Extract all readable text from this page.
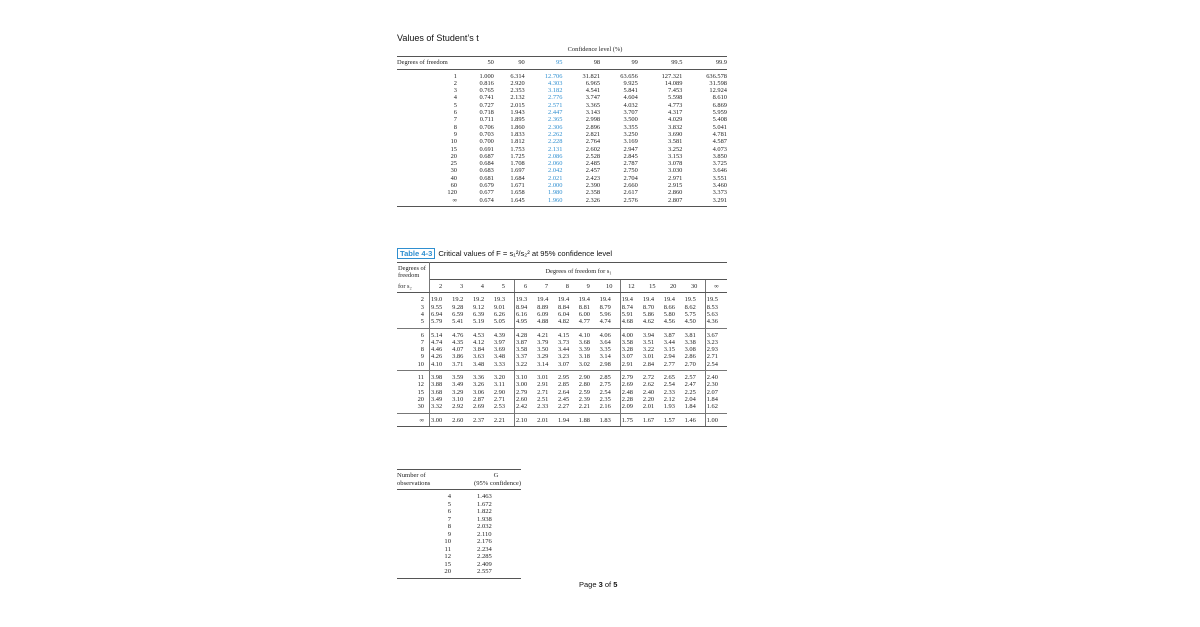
Values of Student’s t
	Confidence level (%)						
Degrees of freedom	50	90	95	98	99	99.5	99.9
1	1.000	6.314	12.706	31.821	63.656	127.321	636.578
2	0.816	2.920	4.303	6.965	9.925	14.089	31.598
3	0.765	2.353	3.182	4.541	5.841	7.453	12.924
4	0.741	2.132	2.776	3.747	4.604	5.598	8.610
5	0.727	2.015	2.571	3.365	4.032	4.773	6.869
6	0.718	1.943	2.447	3.143	3.707	4.317	5.959
7	0.711	1.895	2.365	2.998	3.500	4.029	5.408
8	0.706	1.860	2.306	2.896	3.355	3.832	5.041
9	0.703	1.833	2.262	2.821	3.250	3.690	4.781
10	0.700	1.812	2.228	2.764	3.169	3.581	4.587
15	0.691	1.753	2.131	2.602	2.947	3.252	4.073
20	0.687	1.725	2.086	2.528	2.845	3.153	3.850
25	0.684	1.708	2.060	2.485	2.787	3.078	3.725
30	0.683	1.697	2.042	2.457	2.750	3.030	3.646
40	0.681	1.684	2.021	2.423	2.704	2.971	3.551
60	0.679	1.671	2.000	2.390	2.660	2.915	3.460
120	0.677	1.658	1.980	2.358	2.617	2.860	3.373
∞	0.674	1.645	1.960	2.326	2.576	2.807	3.291
Table 4-3 Critical values of F = s₁²/s₂² at 95% confidence level
Degrees of
freedom	Degrees of freedom for s₁													
for s₂	2	3	4	5	6	7	8	9	10	12	15	20	30	∞
2	19.0	19.2	19.2	19.3	19.3	19.4	19.4	19.4	19.4	19.4	19.4	19.4	19.5	19.5
3	9.55	9.28	9.12	9.01	8.94	8.89	8.84	8.81	8.79	8.74	8.70	8.66	8.62	8.53
4	6.94	6.59	6.39	6.26	6.16	6.09	6.04	6.00	5.96	5.91	5.86	5.80	5.75	5.63
5	5.79	5.41	5.19	5.05	4.95	4.88	4.82	4.77	4.74	4.68	4.62	4.56	4.50	4.36
6	5.14	4.76	4.53	4.39	4.28	4.21	4.15	4.10	4.06	4.00	3.94	3.87	3.81	3.67
7	4.74	4.35	4.12	3.97	3.87	3.79	3.73	3.68	3.64	3.58	3.51	3.44	3.38	3.23
8	4.46	4.07	3.84	3.69	3.58	3.50	3.44	3.39	3.35	3.28	3.22	3.15	3.08	2.93
9	4.26	3.86	3.63	3.48	3.37	3.29	3.23	3.18	3.14	3.07	3.01	2.94	2.86	2.71
10	4.10	3.71	3.48	3.33	3.22	3.14	3.07	3.02	2.98	2.91	2.84	2.77	2.70	2.54
11	3.98	3.59	3.36	3.20	3.10	3.01	2.95	2.90	2.85	2.79	2.72	2.65	2.57	2.40
12	3.88	3.49	3.26	3.11	3.00	2.91	2.85	2.80	2.75	2.69	2.62	2.54	2.47	2.30
15	3.68	3.29	3.06	2.90	2.79	2.71	2.64	2.59	2.54	2.48	2.40	2.33	2.25	2.07
20	3.49	3.10	2.87	2.71	2.60	2.51	2.45	2.39	2.35	2.28	2.20	2.12	2.04	1.84
30	3.32	2.92	2.69	2.53	2.42	2.33	2.27	2.21	2.16	2.09	2.01	1.93	1.84	1.62
∞	3.00	2.60	2.37	2.21	2.10	2.01	1.94	1.88	1.83	1.75	1.67	1.57	1.46	1.00
Number of	G
observations	(95% confidence)
4	1.463
5	1.672
6	1.822
7	1.938
8	2.032
9	2.110
10	2.176
11	2.234
12	2.285
15	2.409
20	2.557
Page 3 of 5
